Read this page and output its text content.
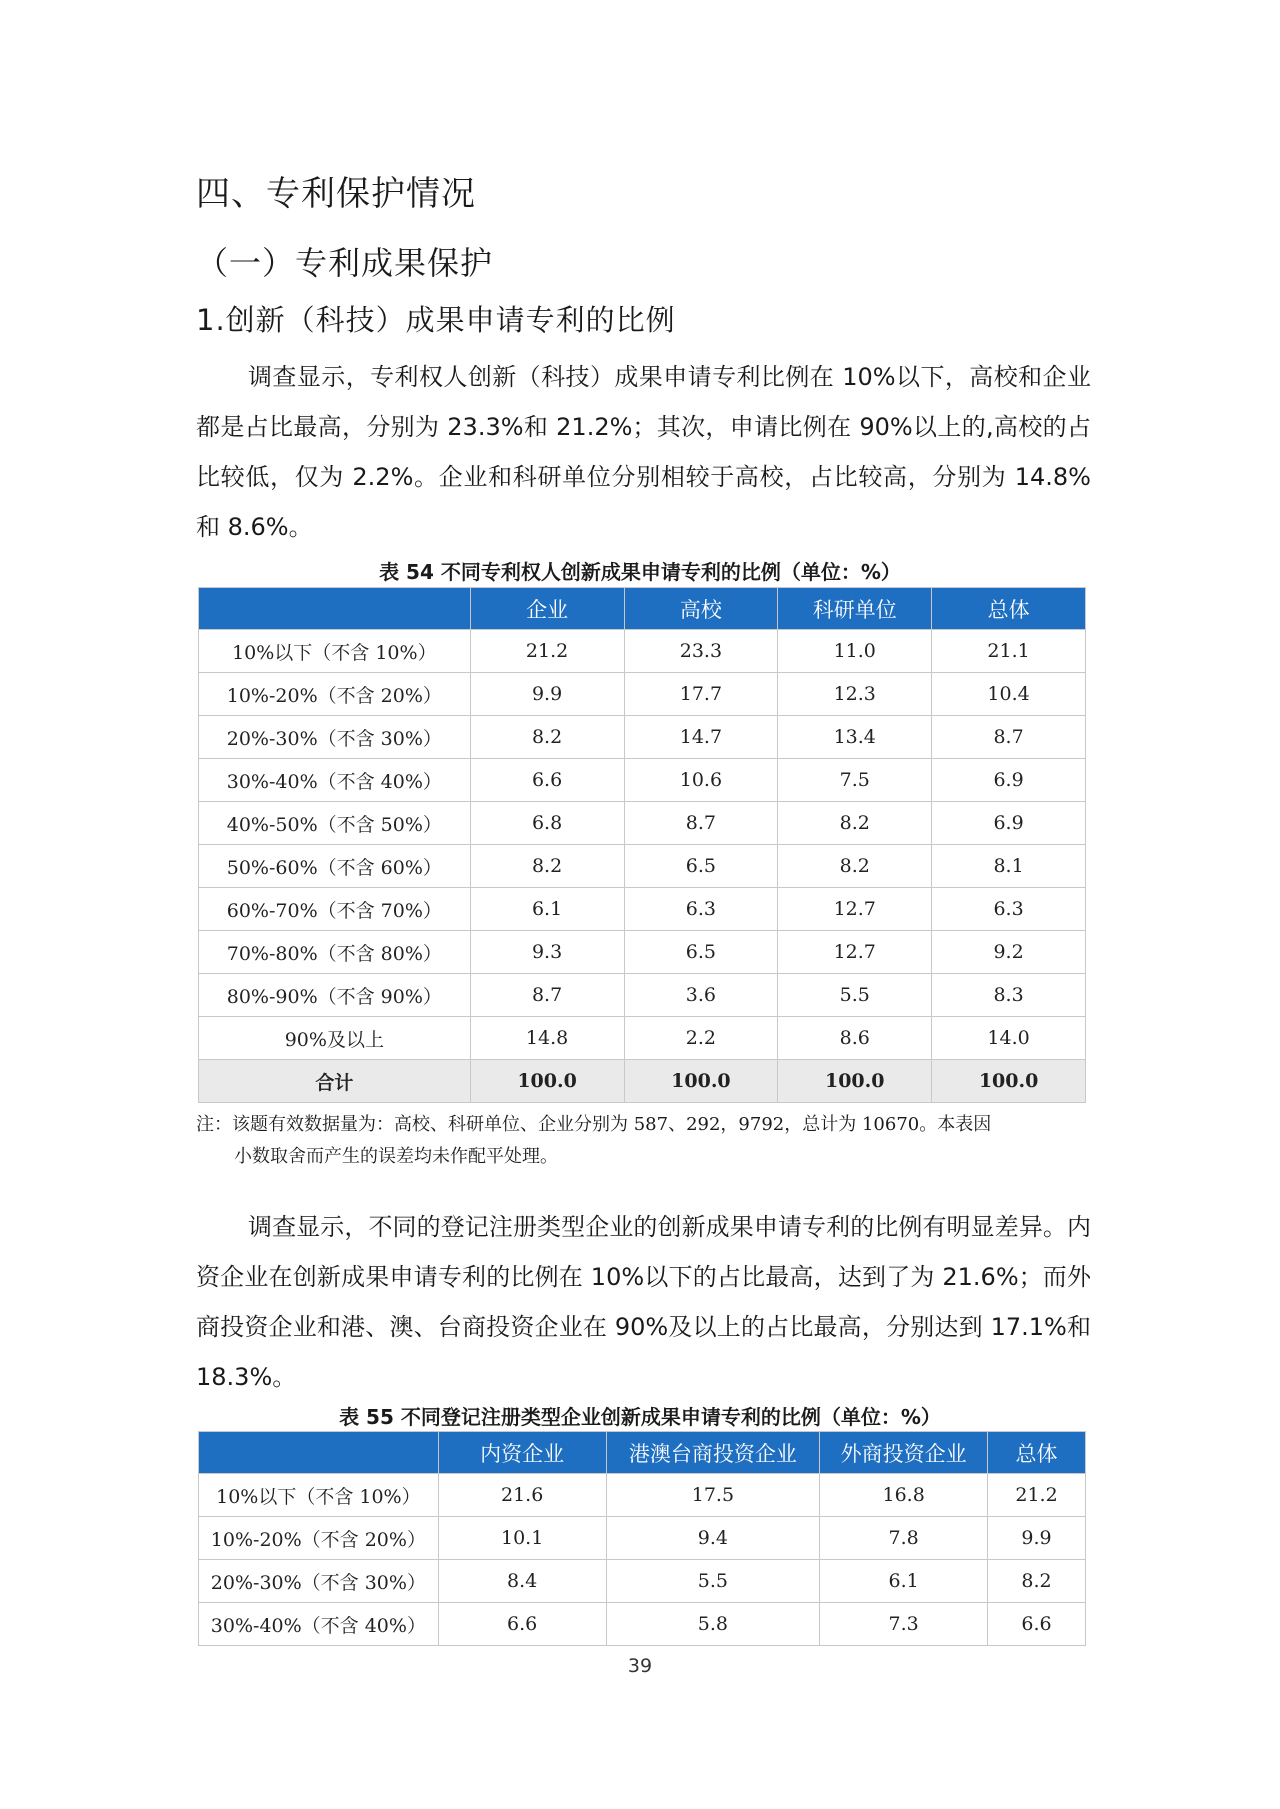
四、专利保护情况
（一）专利成果保护
1.创新（科技）成果申请专利的比例

调查显示，专利权人创新（科技）成果申请专利比例在 10%以下，高校和企业都是占比最高，分别为 23.3%和 21.2%；其次，申请比例在 90%以上的,高校的占比较低，仅为 2.2%。企业和科研单位分别相较于高校，占比较高，分别为 14.8%和 8.6%。

表 54 不同专利权人创新成果申请专利的比例（单位：%）
	企业	高校	科研单位	总体
10%以下（不含 10%）	21.2	23.3	11.0	21.1
10%-20%（不含 20%）	9.9	17.7	12.3	10.4
20%-30%（不含 30%）	8.2	14.7	13.4	8.7
30%-40%（不含 40%）	6.6	10.6	7.5	6.9
40%-50%（不含 50%）	6.8	8.7	8.2	6.9
50%-60%（不含 60%）	8.2	6.5	8.2	8.1
60%-70%（不含 70%）	6.1	6.3	12.7	6.3
70%-80%（不含 80%）	9.3	6.5	12.7	9.2
80%-90%（不含 90%）	8.7	3.6	5.5	8.3
90%及以上	14.8	2.2	8.6	14.0
合计	100.0	100.0	100.0	100.0
注：该题有效数据量为：高校、科研单位、企业分别为 587、292，9792，总计为 10670。本表因
小数取舍而产生的误差均未作配平处理。

调查显示，不同的登记注册类型企业的创新成果申请专利的比例有明显差异。内资企业在创新成果申请专利的比例在 10%以下的占比最高，达到了为 21.6%；而外商投资企业和港、澳、台商投资企业在 90%及以上的占比最高，分别达到 17.1%和 18.3%。

表 55 不同登记注册类型企业创新成果申请专利的比例（单位：%）
	内资企业	港澳台商投资企业	外商投资企业	总体
10%以下（不含 10%）	21.6	17.5	16.8	21.2
10%-20%（不含 20%）	10.1	9.4	7.8	9.9
20%-30%（不含 30%）	8.4	5.5	6.1	8.2
30%-40%（不含 40%）	6.6	5.8	7.3	6.6
39
